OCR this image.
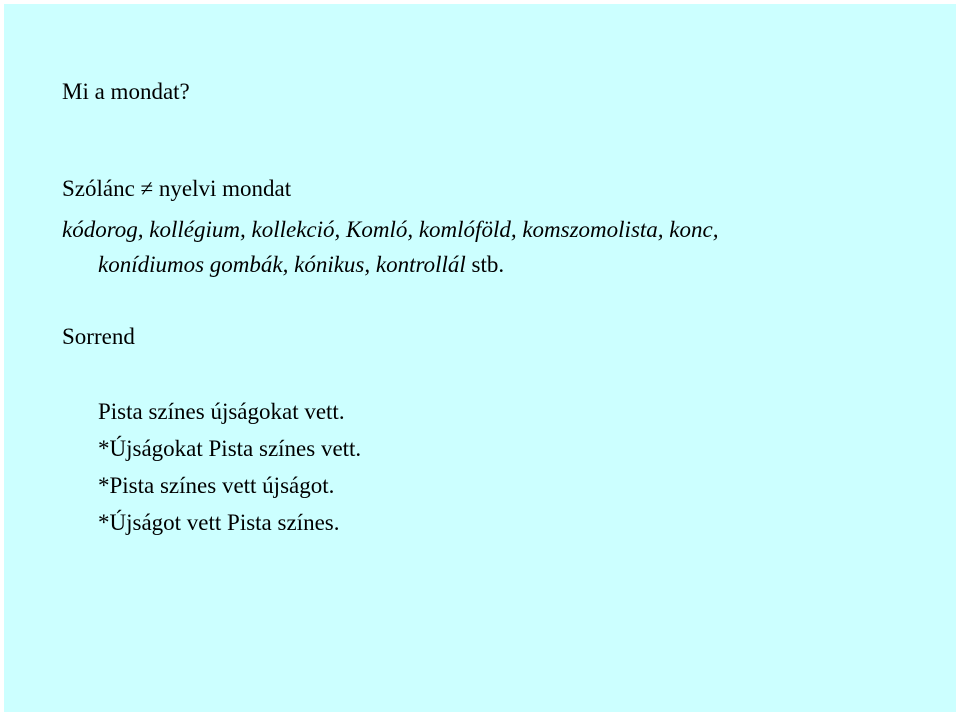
Mi a mondat?
Szólánc ≠ nyelvi mondat
kódorog, kollégium, kollekció, Komló, komlóföld, komszomolista, konc,
konídiumos gombák, kónikus, kontrollál stb.
Sorrend
Pista színes újságokat vett.
*Újságokat Pista színes vett.
*Pista színes vett újságot.
*Újságot vett Pista színes.
